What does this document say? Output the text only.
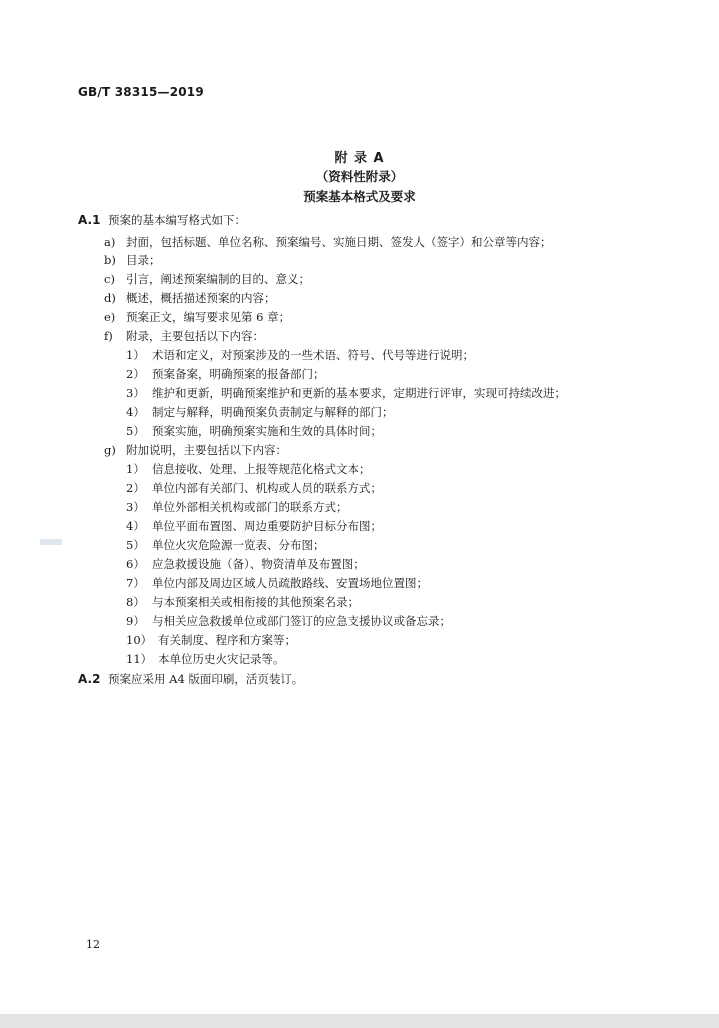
GB/T 38315—2019
附 录 A
（资料性附录）
预案基本格式及要求
A.1 预案的基本编写格式如下：
a) 封面，包括标题、单位名称、预案编号、实施日期、签发人（签字）和公章等内容；
b) 目录；
c) 引言，阐述预案编制的目的、意义；
d) 概述，概括描述预案的内容；
e) 预案正文，编写要求见第 6 章；
f) 附录，主要包括以下内容：
1） 术语和定义，对预案涉及的一些术语、符号、代号等进行说明；
2） 预案备案，明确预案的报备部门；
3） 维护和更新，明确预案维护和更新的基本要求，定期进行评审，实现可持续改进；
4） 制定与解释，明确预案负责制定与解释的部门；
5） 预案实施，明确预案实施和生效的具体时间；
g) 附加说明，主要包括以下内容：
1） 信息接收、处理、上报等规范化格式文本；
2） 单位内部有关部门、机构或人员的联系方式；
3） 单位外部相关机构或部门的联系方式；
4） 单位平面布置图、周边重要防护目标分布图；
5） 单位火灾危险源一览表、分布图；
6） 应急救援设施（备）、物资清单及布置图；
7） 单位内部及周边区域人员疏散路线、安置场地位置图；
8） 与本预案相关或相衔接的其他预案名录；
9） 与相关应急救援单位或部门签订的应急支援协议或备忘录；
10） 有关制度、程序和方案等；
11） 本单位历史火灾记录等。
A.2 预案应采用 A4 版面印刷，活页装订。
12
